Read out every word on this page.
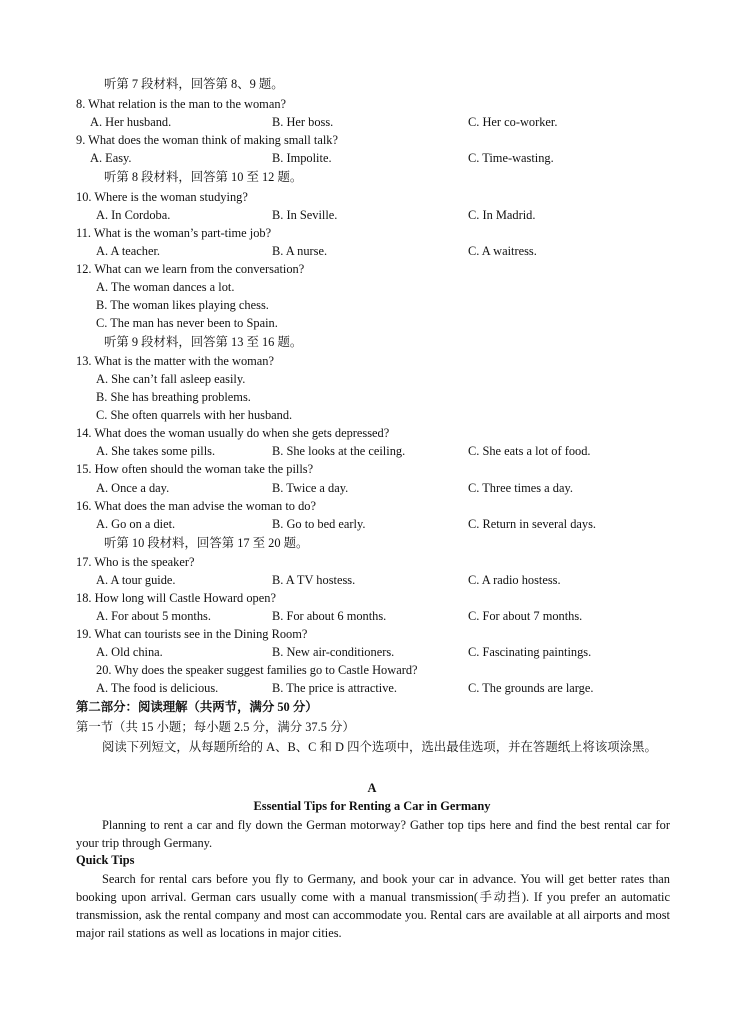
听第 7 段材料，回答第 8、9 题。
8. What relation is the man to the woman?
A. Her husband.	B. Her boss.	C. Her co-worker.
9. What does the woman think of making small talk?
A. Easy.	B. Impolite.	C. Time-wasting.
听第 8 段材料，回答第 10 至 12 题。
10. Where is the woman studying?
A. In Cordoba.	B. In Seville.	C. In Madrid.
11. What is the woman’s part-time job?
A. A teacher.	B. A nurse.	C. A waitress.
12. What can we learn from the conversation?
A. The woman dances a lot.
B. The woman likes playing chess.
C. The man has never been to Spain.
听第 9 段材料，回答第 13 至 16 题。
13. What is the matter with the woman?
A. She can’t fall asleep easily.
B. She has breathing problems.
C. She often quarrels with her husband.
14. What does the woman usually do when she gets depressed?
A. She takes some pills.	B. She looks at the ceiling.	C. She eats a lot of food.
15. How often should the woman take the pills?
A. Once a day.	B. Twice a day.	C. Three times a day.
16. What does the man advise the woman to do?
A. Go on a diet.	B. Go to bed early.	C. Return in several days.
听第 10 段材料，回答第 17 至 20 题。
17. Who is the speaker?
A. A tour guide.	B. A TV hostess.	C. A radio hostess.
18. How long will Castle Howard open?
A. For about 5 months.	B. For about 6 months.	C. For about 7 months.
19. What can tourists see in the Dining Room?
A. Old china.	B. New air-conditioners.	C. Fascinating paintings.
20. Why does the speaker suggest families go to Castle Howard?
A. The food is delicious.	B. The price is attractive.	C. The grounds are large.
第二部分：阅读理解（共两节，满分 50 分）
第一节（共 15 小题；每小题 2.5 分，满分 37.5 分）
阅读下列短文，从每题所给的 A、B、C 和 D 四个选项中，选出最佳选项，并在答题纸上将该项涂黑。
A
Essential Tips for Renting a Car in Germany
Planning to rent a car and fly down the German motorway? Gather top tips here and find the best rental car for your trip through Germany.
Quick Tips
Search for rental cars before you fly to Germany, and book your car in advance. You will get better rates than booking upon arrival. German cars usually come with a manual transmission(手动挡). If you prefer an automatic transmission, ask the rental company and most can accommodate you. Rental cars are available at all airports and most major rail stations as well as locations in major cities.
